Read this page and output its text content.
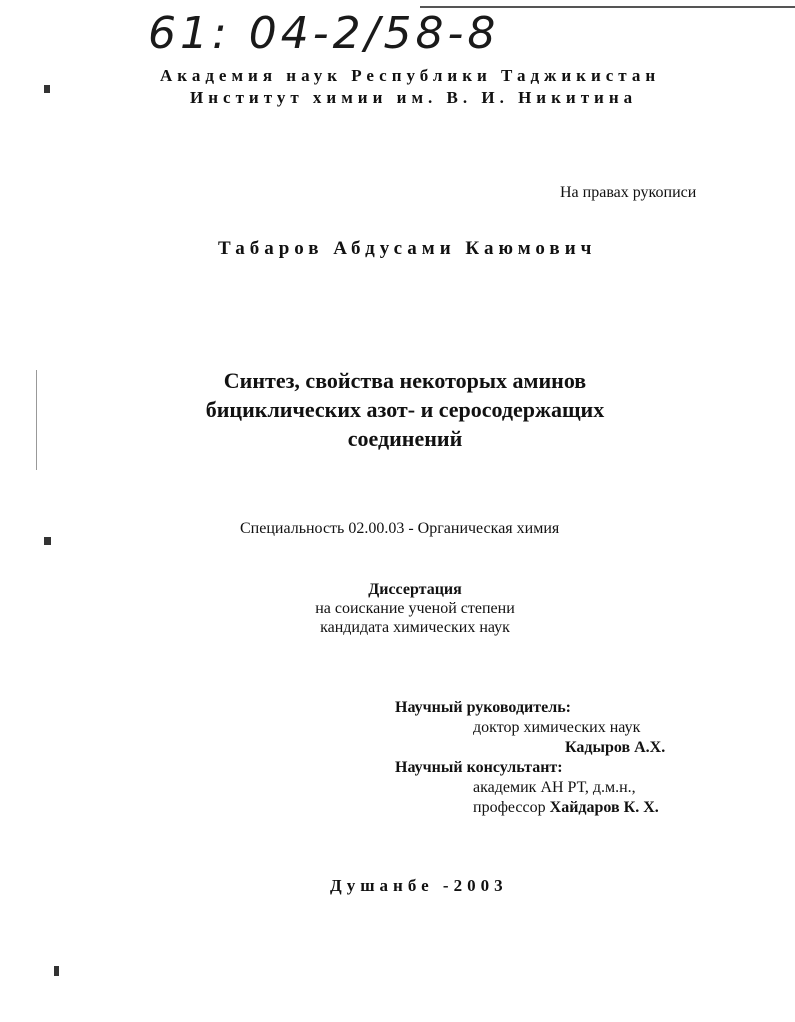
61: 04-2/58-8
Академия наук Республики Таджикистан
Институт химии им. В. И. Никитина
На правах рукописи
Табаров Абдусами Каюмович
Синтез, свойства некоторых аминов
бициклических азот- и серосодержащих
соединений
Специальность 02.00.03 - Органическая химия
Диссертация
на соискание ученой степени
кандидата химических наук
Научный руководитель:
доктор химических наук
Кадыров А.Х.
Научный консультант:
академик АН РТ, д.м.н.,
профессор Хайдаров К. Х.
Душанбе -2003
